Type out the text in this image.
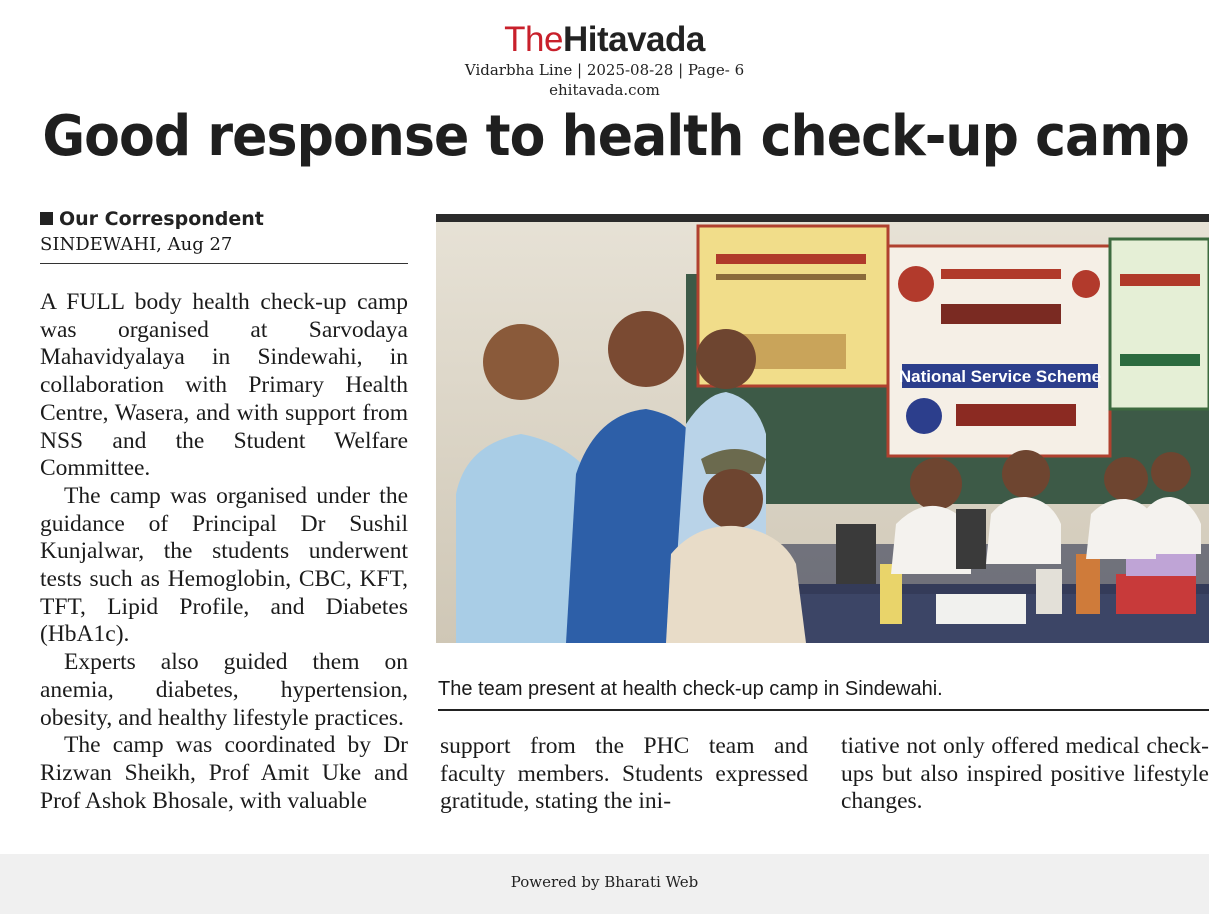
TheHitavada
Vidarbha Line | 2025-08-28 | Page- 6
ehitavada.com
Good response to health check-up camp
Our Correspondent
SINDEWAHI, Aug 27

A FULL body health check-up camp was organised at Sarvodaya Mahavidyalaya in Sindewahi, in collaboration with Primary Health Centre, Wasera, and with support from NSS and the Student Welfare Committee.

The camp was organised under the guidance of Principal Dr Sushil Kunjalwar, the students underwent tests such as Hemoglobin, CBC, KFT, TFT, Lipid Profile, and Diabetes (HbA1c).

Experts also guided them on anemia, diabetes, hypertension, obesity, and healthy lifestyle practices.

The camp was coordinated by Dr Rizwan Sheikh, Prof Amit Uke and Prof Ashok Bhosale, with valuable

National Service Scheme
The team present at health check-up camp in Sindewahi.

support from the PHC team and faculty members. Students expressed gratitude, stating the ini-

tiative not only offered medical check-ups but also inspired positive lifestyle changes.

Powered by Bharati Web
